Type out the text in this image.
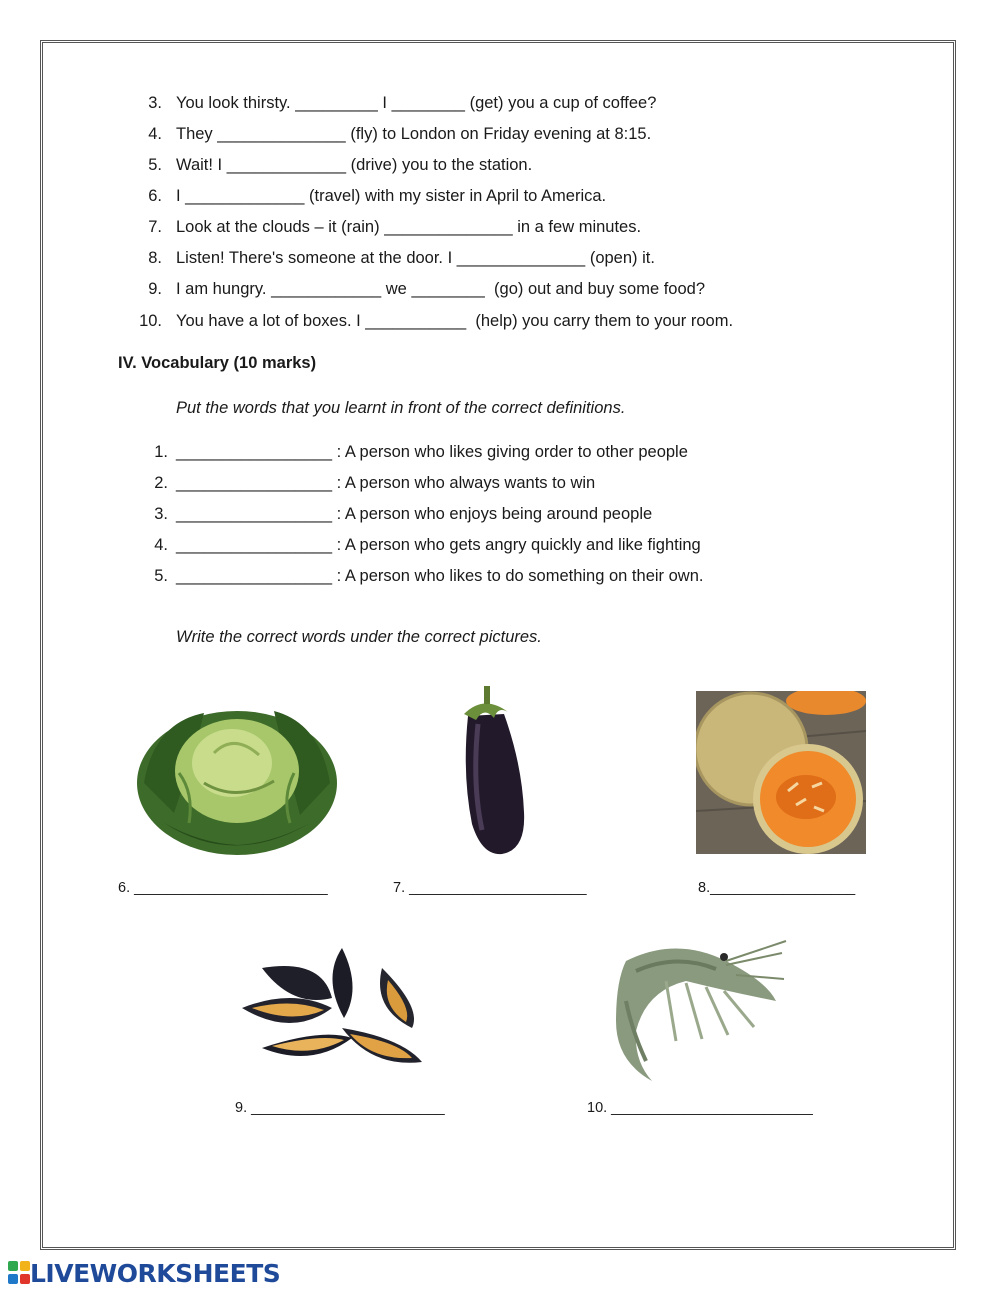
3. You look thirsty. _________ I ________ (get) you a cup of coffee?
4. They ______________ (fly) to London on Friday evening at 8:15.
5. Wait! I _____________ (drive) you to the station.
6. I _____________ (travel) with my sister in April to America.
7. Look at the clouds – it (rain) ______________ in a few minutes.
8. Listen! There's someone at the door. I ______________ (open) it.
9. I am hungry. ____________ we ________  (go) out and buy some food?
10. You have a lot of boxes. I ___________  (help) you carry them to your room.
IV. Vocabulary (10 marks)
Put the words that you learnt in front of the correct definitions.
1. _________________ : A person who likes giving order to other people
2. _________________ : A person who always wants to win
3. _________________ : A person who enjoys being around people
4. _________________ : A person who gets angry quickly and like fighting
5. _________________ : A person who likes to do something on their own.
Write the correct words under the correct pictures.
6. ________________________	7. ______________________	8.__________________
9. ________________________	10. _________________________
LIVEWORKSHEETS
